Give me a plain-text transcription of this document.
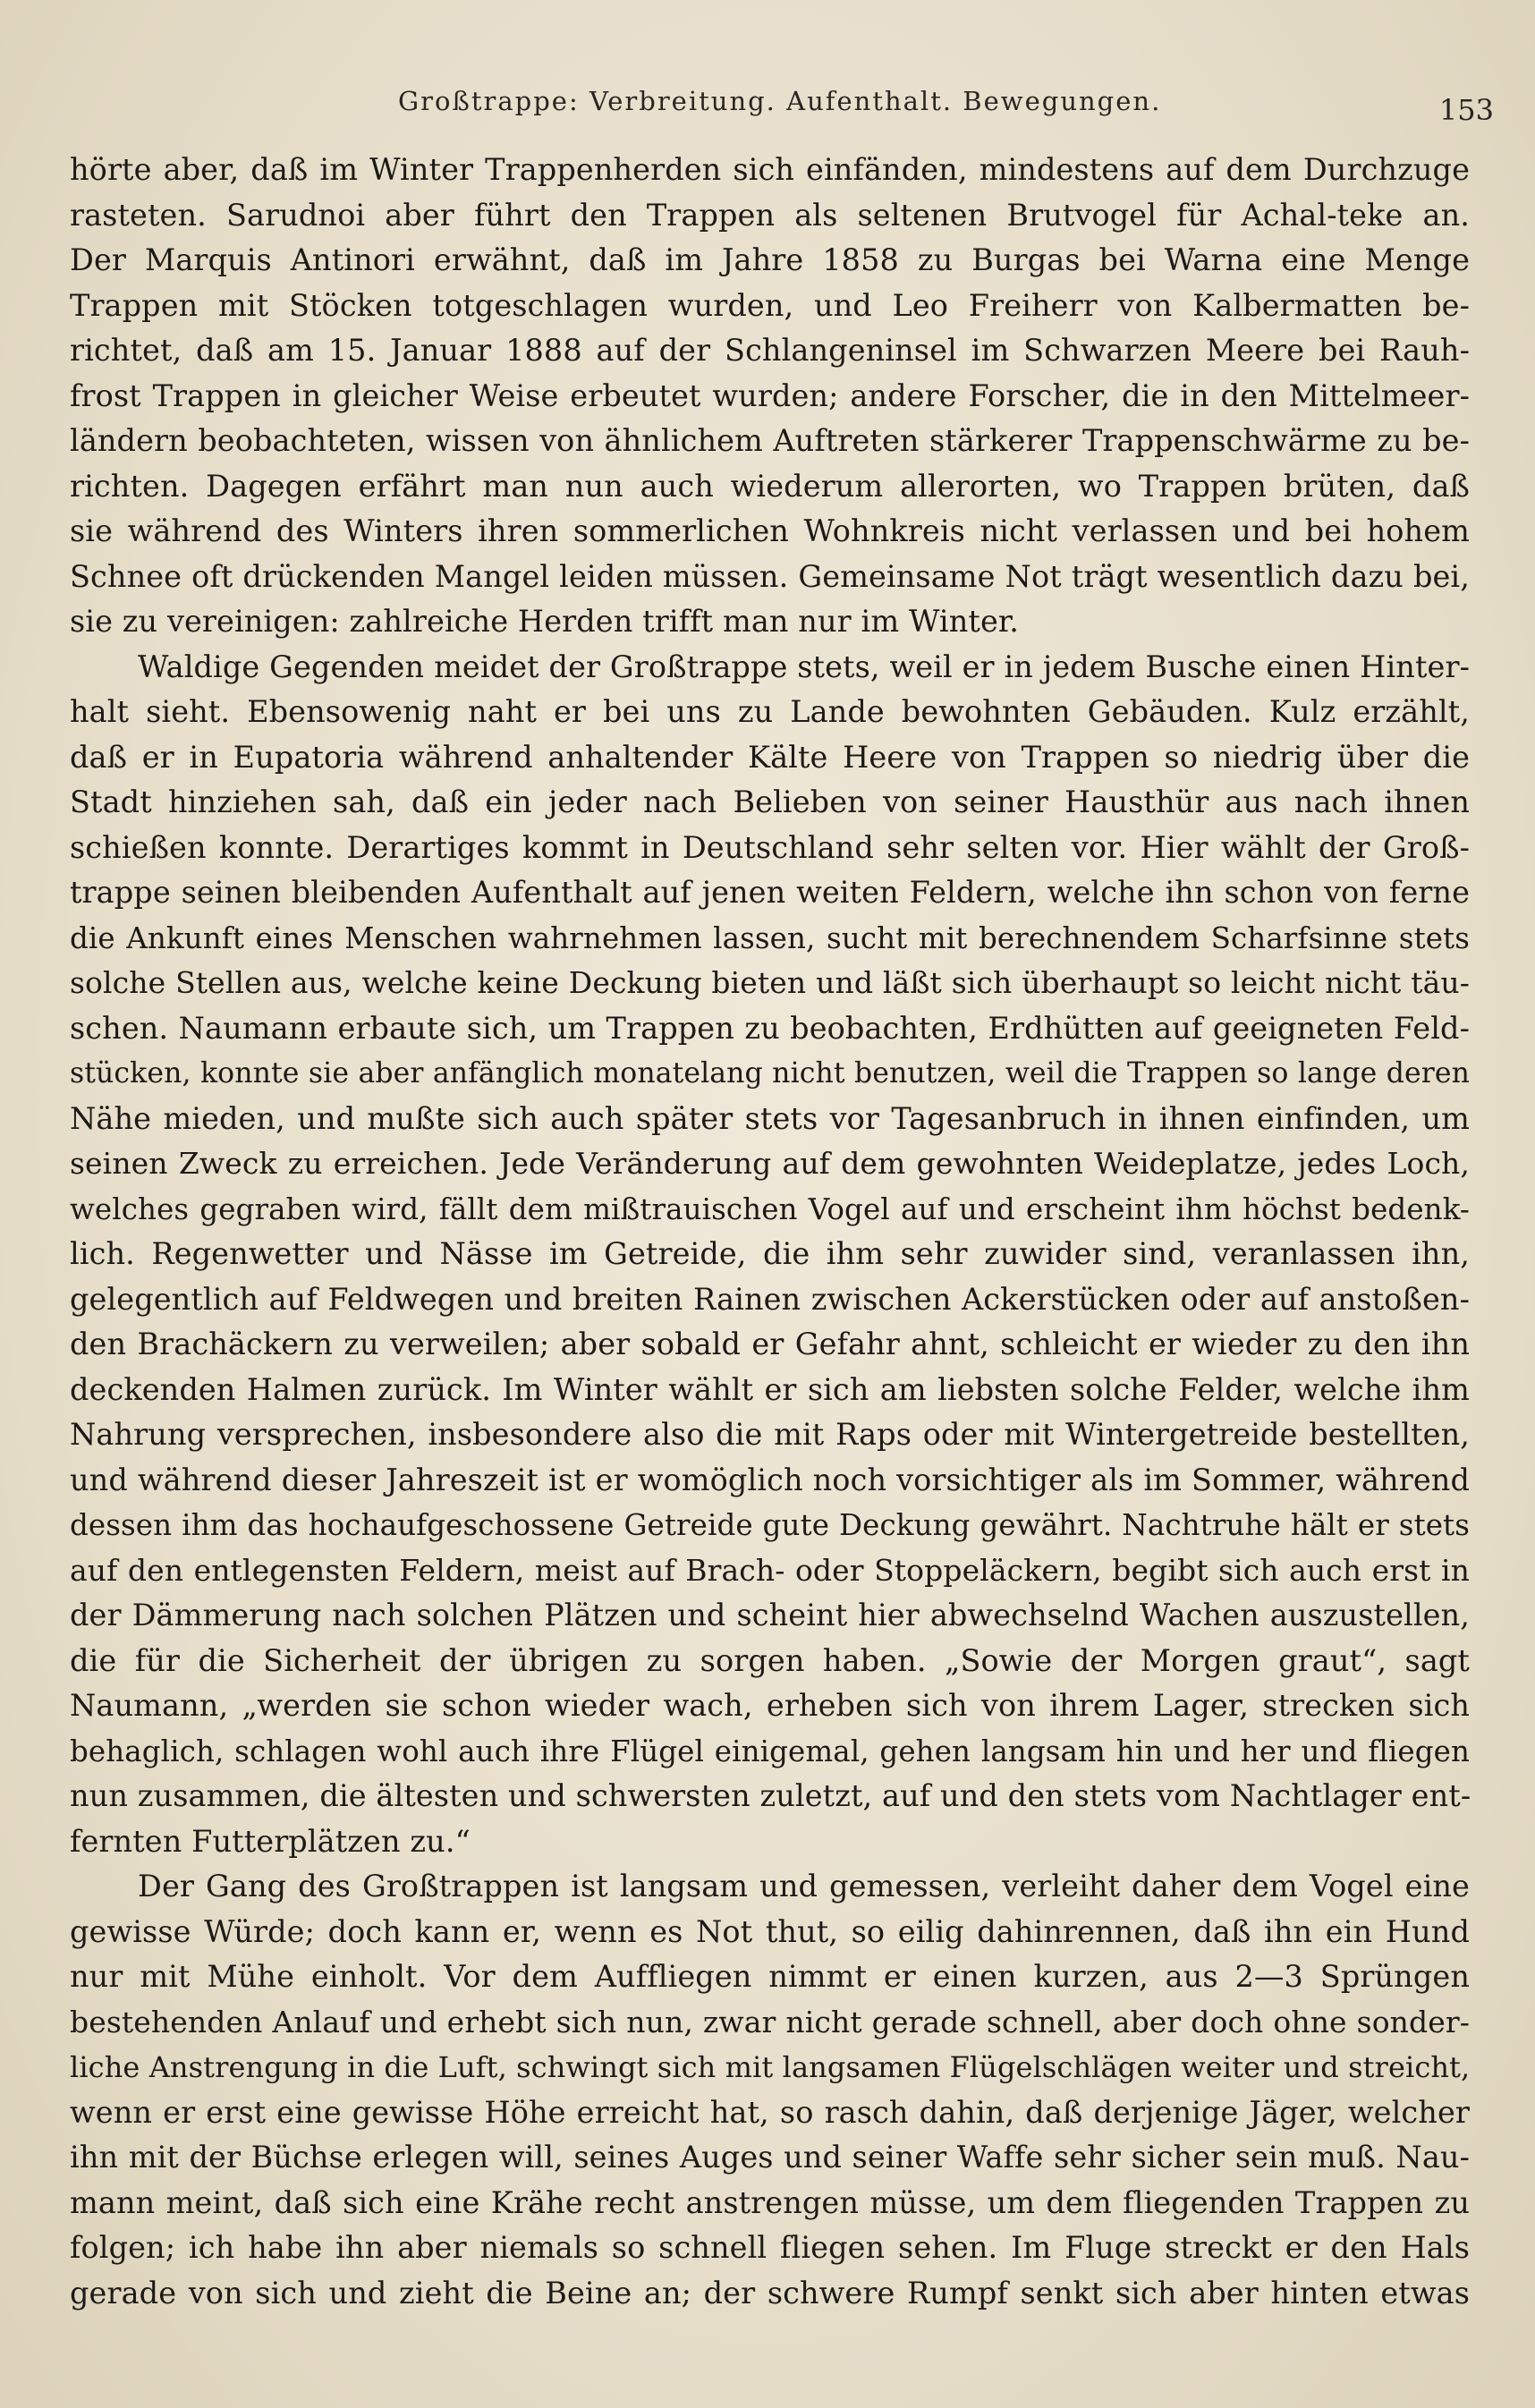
Großtrappe: Verbreitung. Aufenthalt. Bewegungen.	153
hörte aber, daß im Winter Trappenherden sich einfänden, mindestens auf dem Durchzuge
rasteten. Sarudnoi aber führt den Trappen als seltenen Brutvogel für Achal-teke an.
Der Marquis Antinori erwähnt, daß im Jahre 1858 zu Burgas bei Warna eine Menge
Trappen mit Stöcken totgeschlagen wurden, und Leo Freiherr von Kalbermatten be-
richtet, daß am 15. Januar 1888 auf der Schlangeninsel im Schwarzen Meere bei Rauh-
frost Trappen in gleicher Weise erbeutet wurden; andere Forscher, die in den Mittelmeer-
ländern beobachteten, wissen von ähnlichem Auftreten stärkerer Trappenschwärme zu be-
richten. Dagegen erfährt man nun auch wiederum allerorten, wo Trappen brüten, daß
sie während des Winters ihren sommerlichen Wohnkreis nicht verlassen und bei hohem
Schnee oft drückenden Mangel leiden müssen. Gemeinsame Not trägt wesentlich dazu bei,
sie zu vereinigen: zahlreiche Herden trifft man nur im Winter.
Waldige Gegenden meidet der Großtrappe stets, weil er in jedem Busche einen Hinter-
halt sieht. Ebensowenig naht er bei uns zu Lande bewohnten Gebäuden. Kulz erzählt,
daß er in Eupatoria während anhaltender Kälte Heere von Trappen so niedrig über die
Stadt hinziehen sah, daß ein jeder nach Belieben von seiner Hausthür aus nach ihnen
schießen konnte. Derartiges kommt in Deutschland sehr selten vor. Hier wählt der Groß-
trappe seinen bleibenden Aufenthalt auf jenen weiten Feldern, welche ihn schon von ferne
die Ankunft eines Menschen wahrnehmen lassen, sucht mit berechnendem Scharfsinne stets
solche Stellen aus, welche keine Deckung bieten und läßt sich überhaupt so leicht nicht täu-
schen. Naumann erbaute sich, um Trappen zu beobachten, Erdhütten auf geeigneten Feld-
stücken, konnte sie aber anfänglich monatelang nicht benutzen, weil die Trappen so lange deren
Nähe mieden, und mußte sich auch später stets vor Tagesanbruch in ihnen einfinden, um
seinen Zweck zu erreichen. Jede Veränderung auf dem gewohnten Weideplatze, jedes Loch,
welches gegraben wird, fällt dem mißtrauischen Vogel auf und erscheint ihm höchst bedenk-
lich. Regenwetter und Nässe im Getreide, die ihm sehr zuwider sind, veranlassen ihn,
gelegentlich auf Feldwegen und breiten Rainen zwischen Ackerstücken oder auf anstoßen-
den Brachäckern zu verweilen; aber sobald er Gefahr ahnt, schleicht er wieder zu den ihn
deckenden Halmen zurück. Im Winter wählt er sich am liebsten solche Felder, welche ihm
Nahrung versprechen, insbesondere also die mit Raps oder mit Wintergetreide bestellten,
und während dieser Jahreszeit ist er womöglich noch vorsichtiger als im Sommer, während
dessen ihm das hochaufgeschossene Getreide gute Deckung gewährt. Nachtruhe hält er stets
auf den entlegensten Feldern, meist auf Brach- oder Stoppeläckern, begibt sich auch erst in
der Dämmerung nach solchen Plätzen und scheint hier abwechselnd Wachen auszustellen,
die für die Sicherheit der übrigen zu sorgen haben. „Sowie der Morgen graut“, sagt
Naumann, „werden sie schon wieder wach, erheben sich von ihrem Lager, strecken sich
behaglich, schlagen wohl auch ihre Flügel einigemal, gehen langsam hin und her und fliegen
nun zusammen, die ältesten und schwersten zuletzt, auf und den stets vom Nachtlager ent-
fernten Futterplätzen zu.“
Der Gang des Großtrappen ist langsam und gemessen, verleiht daher dem Vogel eine
gewisse Würde; doch kann er, wenn es Not thut, so eilig dahinrennen, daß ihn ein Hund
nur mit Mühe einholt. Vor dem Auffliegen nimmt er einen kurzen, aus 2—3 Sprüngen
bestehenden Anlauf und erhebt sich nun, zwar nicht gerade schnell, aber doch ohne sonder-
liche Anstrengung in die Luft, schwingt sich mit langsamen Flügelschlägen weiter und streicht,
wenn er erst eine gewisse Höhe erreicht hat, so rasch dahin, daß derjenige Jäger, welcher
ihn mit der Büchse erlegen will, seines Auges und seiner Waffe sehr sicher sein muß. Nau-
mann meint, daß sich eine Krähe recht anstrengen müsse, um dem fliegenden Trappen zu
folgen; ich habe ihn aber niemals so schnell fliegen sehen. Im Fluge streckt er den Hals
gerade von sich und zieht die Beine an; der schwere Rumpf senkt sich aber hinten etwas
